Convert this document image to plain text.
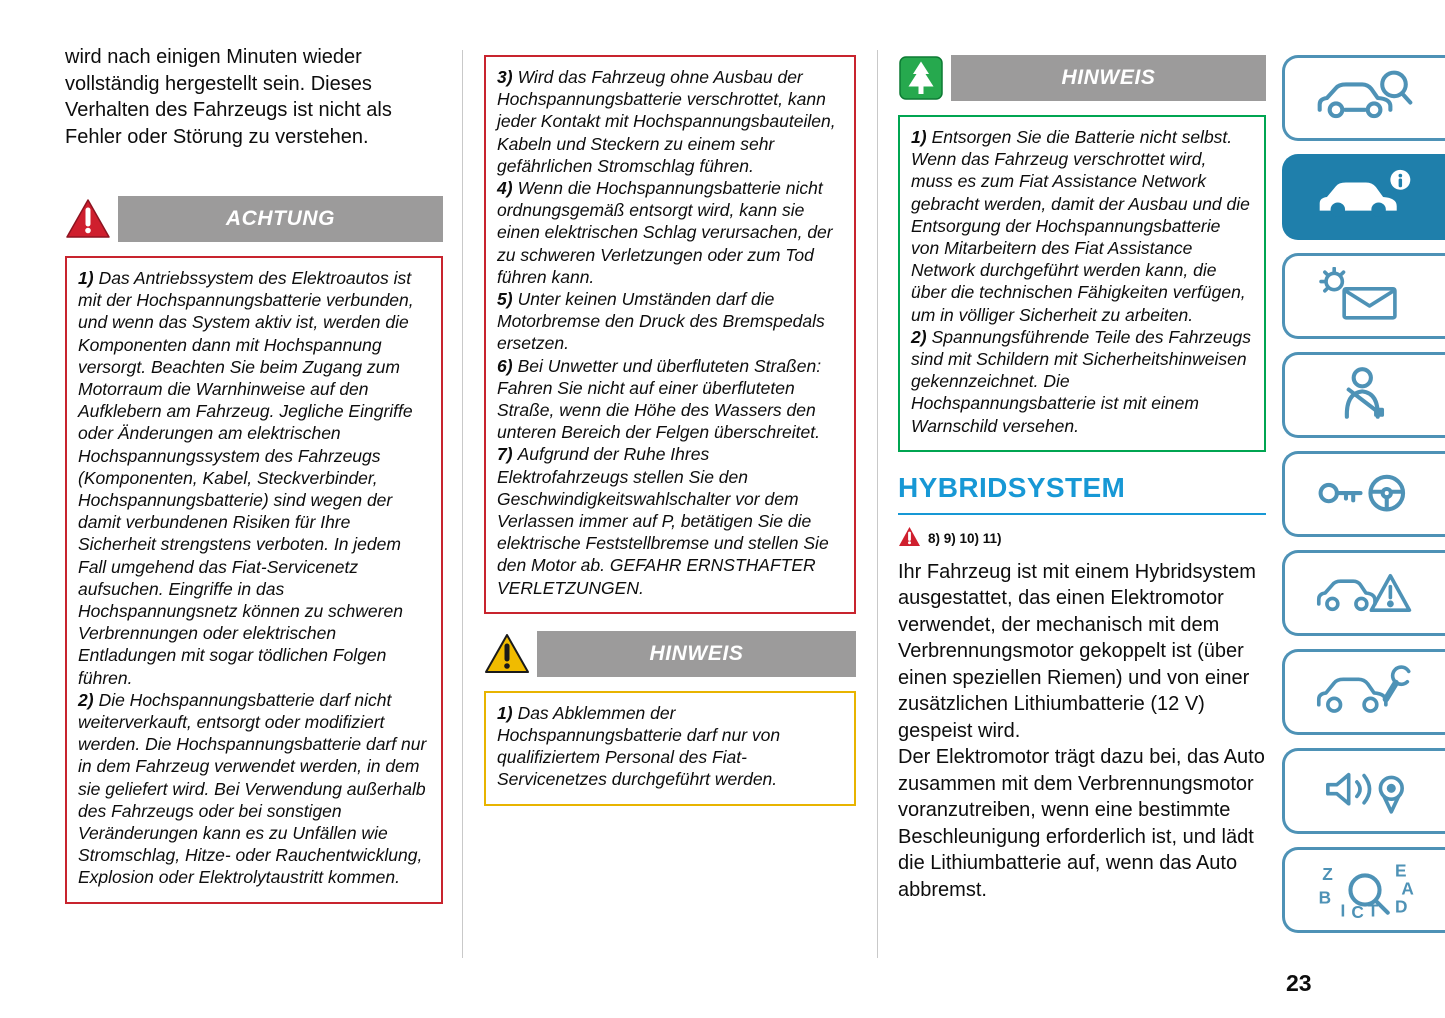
wird nach einigen Minuten wieder vollständig hergestellt sein. Dieses Verhalten des Fahrzeugs ist nicht als Fehler oder Störung zu verstehen.

ACHTUNG

1) Das Antriebssystem des Elektroautos ist mit der Hochspannungsbatterie verbunden, und wenn das System aktiv ist, werden die Komponenten dann mit Hochspannung versorgt. Beachten Sie beim Zugang zum Motorraum die Warnhinweise auf den Aufklebern am Fahrzeug. Jegliche Eingriffe oder Änderungen am elektrischen Hochspannungssystem des Fahrzeugs (Komponenten, Kabel, Steckverbinder, Hochspannungsbatterie) sind wegen der damit verbundenen Risiken für Ihre Sicherheit strengstens verboten. In jedem Fall umgehend das Fiat-Servicenetz aufsuchen. Eingriffe in das Hochspannungsnetz können zu schweren Verbrennungen oder elektrischen Entladungen mit sogar tödlichen Folgen führen.

2) Die Hochspannungsbatterie darf nicht weiterverkauft, entsorgt oder modifiziert werden. Die Hochspannungsbatterie darf nur in dem Fahrzeug verwendet werden, in dem sie geliefert wird. Bei Verwendung außerhalb des Fahrzeugs oder bei sonstigen Veränderungen kann es zu Unfällen wie Stromschlag, Hitze- oder Rauchentwicklung, Explosion oder Elektrolytaustritt kommen.

3) Wird das Fahrzeug ohne Ausbau der Hochspannungsbatterie verschrottet, kann jeder Kontakt mit Hochspannungsbauteilen, Kabeln und Steckern zu einem sehr gefährlichen Stromschlag führen.

4) Wenn die Hochspannungsbatterie nicht ordnungsgemäß entsorgt wird, kann sie einen elektrischen Schlag verursachen, der zu schweren Verletzungen oder zum Tod führen kann.

5) Unter keinen Umständen darf die Motorbremse den Druck des Bremspedals ersetzen.

6) Bei Unwetter und überfluteten Straßen: Fahren Sie nicht auf einer überfluteten Straße, wenn die Höhe des Wassers den unteren Bereich der Felgen überschreitet.

7) Aufgrund der Ruhe Ihres Elektrofahrzeugs stellen Sie den Geschwindigkeitswahlschalter vor dem Verlassen immer auf P, betätigen Sie die elektrische Feststellbremse und stellen Sie den Motor ab. GEFAHR ERNSTHAFTER VERLETZUNGEN.

HINWEIS

1) Das Abklemmen der Hochspannungsbatterie darf nur von qualifiziertem Personal des Fiat-Servicenetzes durchgeführt werden.

HINWEIS

1) Entsorgen Sie die Batterie nicht selbst. Wenn das Fahrzeug verschrottet wird, muss es zum Fiat Assistance Network gebracht werden, damit der Ausbau und die Entsorgung der Hochspannungsbatterie von Mitarbeitern des Fiat Assistance Network durchgeführt werden kann, die über die technischen Fähigkeiten verfügen, um in völliger Sicherheit zu arbeiten.

2) Spannungsführende Teile des Fahrzeugs sind mit Schildern mit Sicherheitshinweisen gekennzeichnet. Die Hochspannungsbatterie ist mit einem Warnschild versehen.

HYBRIDSYSTEM
8) 9) 10) 11)

Ihr Fahrzeug ist mit einem Hybridsystem ausgestattet, das einen Elektromotor verwendet, der mechanisch mit dem Verbrennungsmotor gekoppelt ist (über einen speziellen Riemen) und von einer zusätzlichen Lithiumbatterie (12 V) gespeist wird.

Der Elektromotor trägt dazu bei, das Auto zusammen mit dem Verbrennungsmotor voranzutreiben, wenn eine bestimmte Beschleunigung erforderlich ist, und lädt die Lithiumbatterie auf, wenn das Auto abbremst.

Z	E
B	A
I C T D
23
